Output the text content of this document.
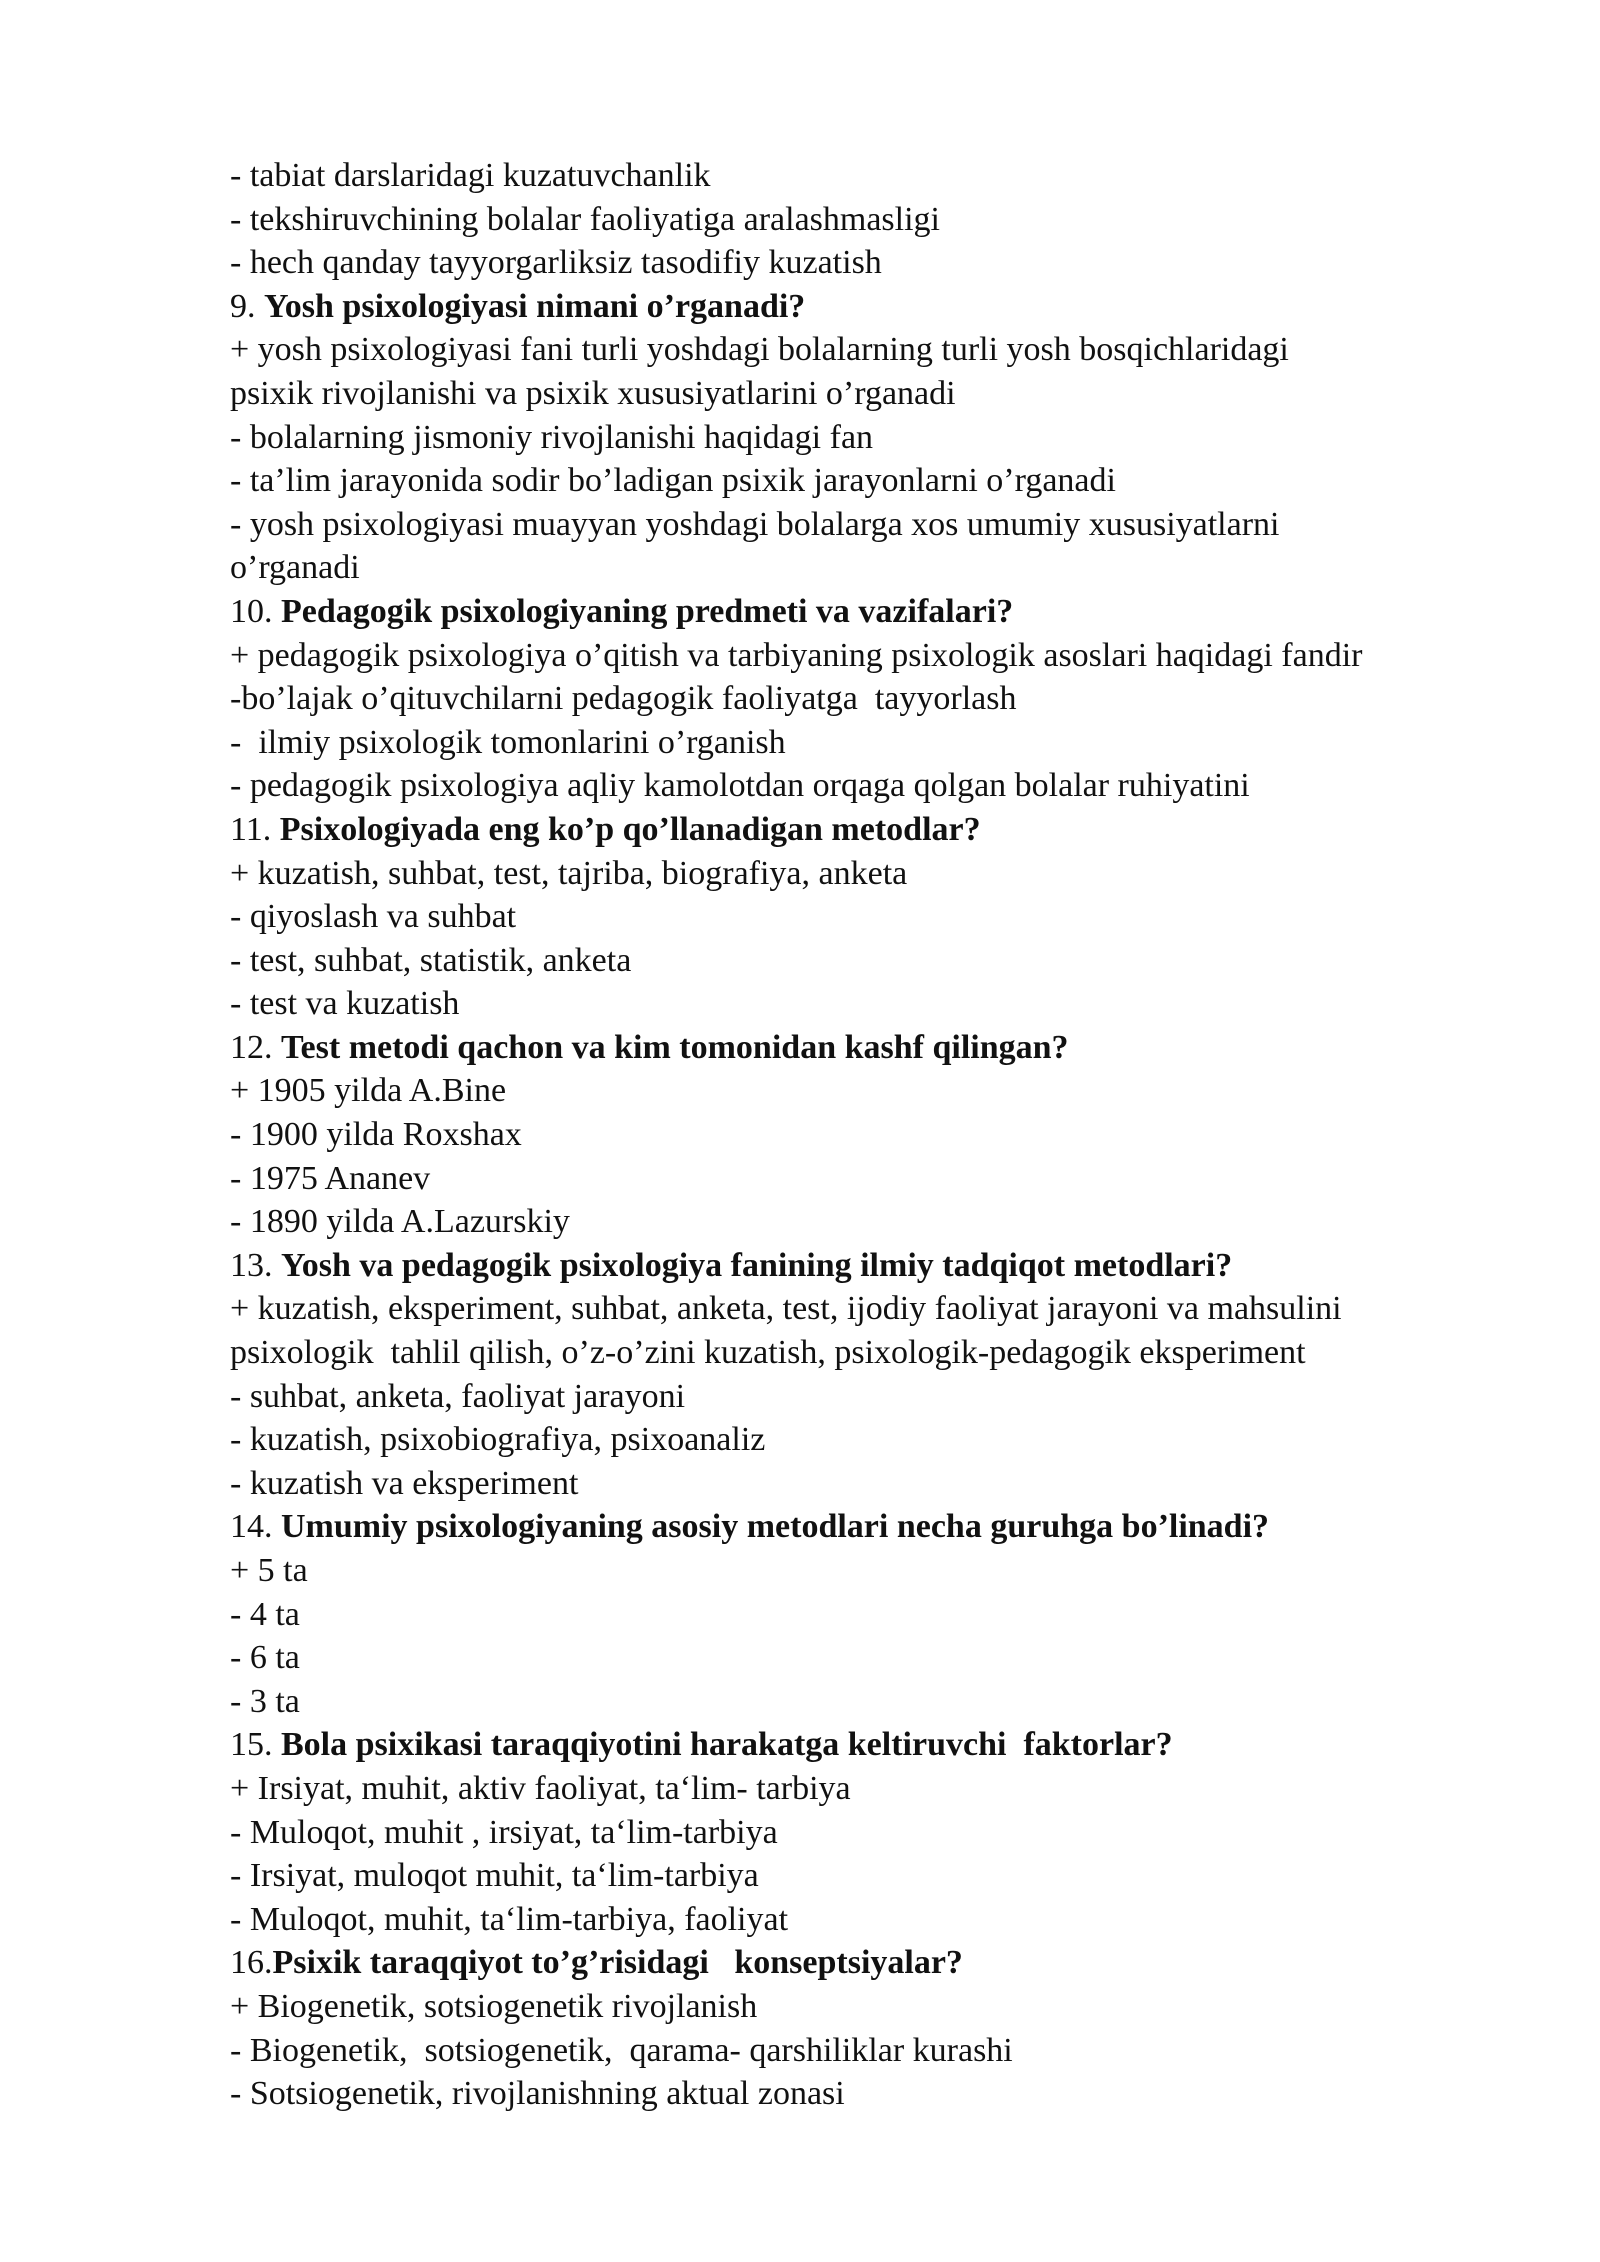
- tabiat darslaridagi kuzatuvchanlik

- tekshiruvchining bolalar faoliyatiga aralashmasligi

- hech qanday tayyorgarliksiz tasodifiy kuzatish

9. Yosh psixologiyasi nimani o’rganadi?

+ yosh psixologiyasi fani turli yoshdagi bolalarning turli yosh bosqichlaridagi

psixik rivojlanishi va psixik xususiyatlarini o’rganadi

- bolalarning jismoniy rivojlanishi haqidagi fan

- ta’lim jarayonida sodir bo’ladigan psixik jarayonlarni o’rganadi

- yosh psixologiyasi muayyan yoshdagi bolalarga xos umumiy xususiyatlarni

o’rganadi

10. Pedagogik psixologiyaning predmeti va vazifalari?

+ pedagogik psixologiya o’qitish va tarbiyaning psixologik asoslari haqidagi fandir

-bo’lajak o’qituvchilarni pedagogik faoliyatga  tayyorlash

-  ilmiy psixologik tomonlarini o’rganish

- pedagogik psixologiya aqliy kamolotdan orqaga qolgan bolalar ruhiyatini

11. Psixologiyada eng ko’p qo’llanadigan metodlar?

+ kuzatish, suhbat, test, tajriba, biografiya, anketa

- qiyoslash va suhbat

- test, suhbat, statistik, anketa

- test va kuzatish

12. Test metodi qachon va kim tomonidan kashf qilingan?

+ 1905 yilda A.Bine

- 1900 yilda Roxshax

- 1975 Ananev

- 1890 yilda A.Lazurskiy

13. Yosh va pedagogik psixologiya fanining ilmiy tadqiqot metodlari?

+ kuzatish, eksperiment, suhbat, anketa, test, ijodiy faoliyat jarayoni va mahsulini

psixologik  tahlil qilish, o’z-o’zini kuzatish, psixologik-pedagogik eksperiment

- suhbat, anketa, faoliyat jarayoni

- kuzatish, psixobiografiya, psixoanaliz

- kuzatish va eksperiment

14. Umumiy psixologiyaning asosiy metodlari necha guruhga bo’linadi?

+ 5 ta

- 4 ta

- 6 ta

- 3 ta

15. Bola psixikasi taraqqiyotini harakatga keltiruvchi  faktorlar?

+ Irsiyat, muhit, aktiv faoliyat, ta‘lim- tarbiya

- Muloqot, muhit , irsiyat, ta‘lim-tarbiya

- Irsiyat, muloqot muhit, ta‘lim-tarbiya

- Muloqot, muhit, ta‘lim-tarbiya, faoliyat

16.Psixik taraqqiyot to’g’risidagi   konseptsiyalar?

+ Biogenetik, sotsiogenetik rivojlanish

- Biogenetik,  sotsiogenetik,  qarama- qarshiliklar kurashi

- Sotsiogenetik, rivojlanishning aktual zonasi
